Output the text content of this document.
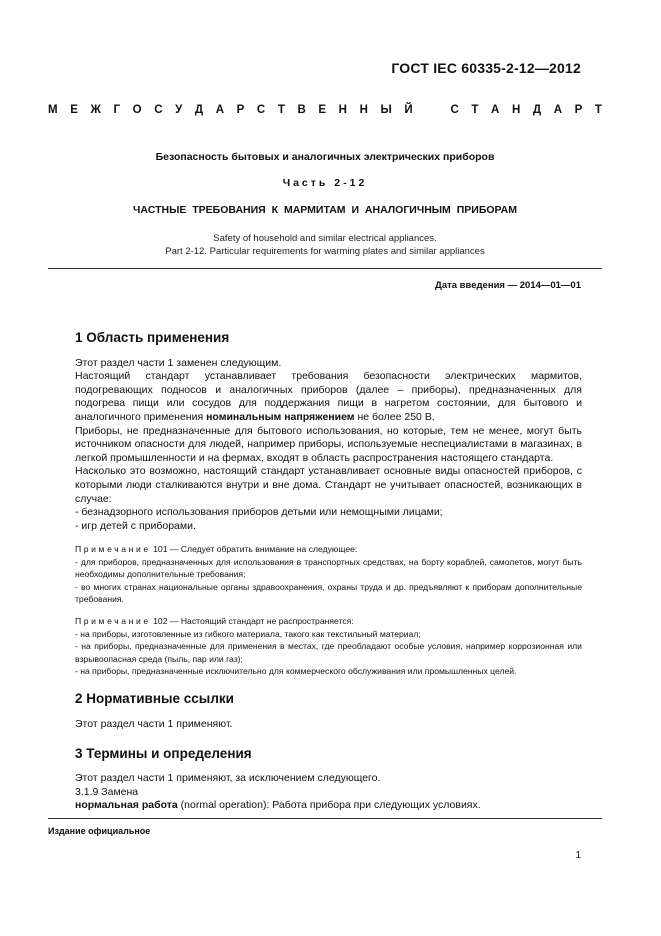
ГОСТ IEC 60335-2-12—2012
М Е Ж Г О С У Д А Р С Т В Е Н Н Ы Й	С Т А Н Д А Р Т
Безопасность бытовых и аналогичных электрических приборов
Часть 2-12
ЧАСТНЫЕ ТРЕБОВАНИЯ К МАРМИТАМ И АНАЛОГИЧНЫМ ПРИБОРАМ
Safety of household and similar electrical appliances.
Part 2-12. Particular requirements for warming plates and similar appliances
Дата введения — 2014—01—01
1 Область применения

Этот раздел части 1 заменен следующим.

Настоящий стандарт устанавливает требования безопасности электрических мармитов, подогревающих подносов и аналогичных приборов (далее – приборы), предназначенных для подогрева пищи или сосудов для поддержания пищи в нагретом состоянии, для бытового и аналогичного применения номинальным напряжением не более 250 В.

Приборы, не предназначенные для бытового использования, но которые, тем не менее, могут быть источником опасности для людей, например приборы, используемые неспециалистами в магазинах, в легкой промышленности и на фермах, входят в область распространения настоящего стандарта.

Насколько это возможно, настоящий стандарт устанавливает основные виды опасностей приборов, с которыми люди сталкиваются внутри и вне дома. Стандарт не учитывает опасностей, возникающих в случае:

- безнадзорного использования приборов детьми или немощными лицами;

- игр детей с приборами.

Примечание 101 — Следует обратить внимание на следующее:
- для приборов, предназначенных для использования в транспортных средствах, на борту кораблей, самолетов, могут быть необходимы дополнительные требования;
- во многих странах национальные органы здравоохранения, охраны труда и др. предъявляют к приборам дополнительные требования.
Примечание 102 — Настоящий стандарт не распространяется:
- на приборы, изготовленные из гибкого материала, такого как текстильный материал;
- на приборы, предназначенные для применения в местах, где преобладают особые условия, например коррозионная или взрывоопасная среда (пыль, пар или газ);
- на приборы, предназначенные исключительно для коммерческого обслуживания или промышленных целей.
2 Нормативные ссылки

Этот раздел части 1 применяют.

3 Термины и определения

Этот раздел части 1 применяют, за исключением следующего.

3.1.9 Замена

нормальная работа (normal operation): Работа прибора при следующих условиях.

Издание официальное
1
